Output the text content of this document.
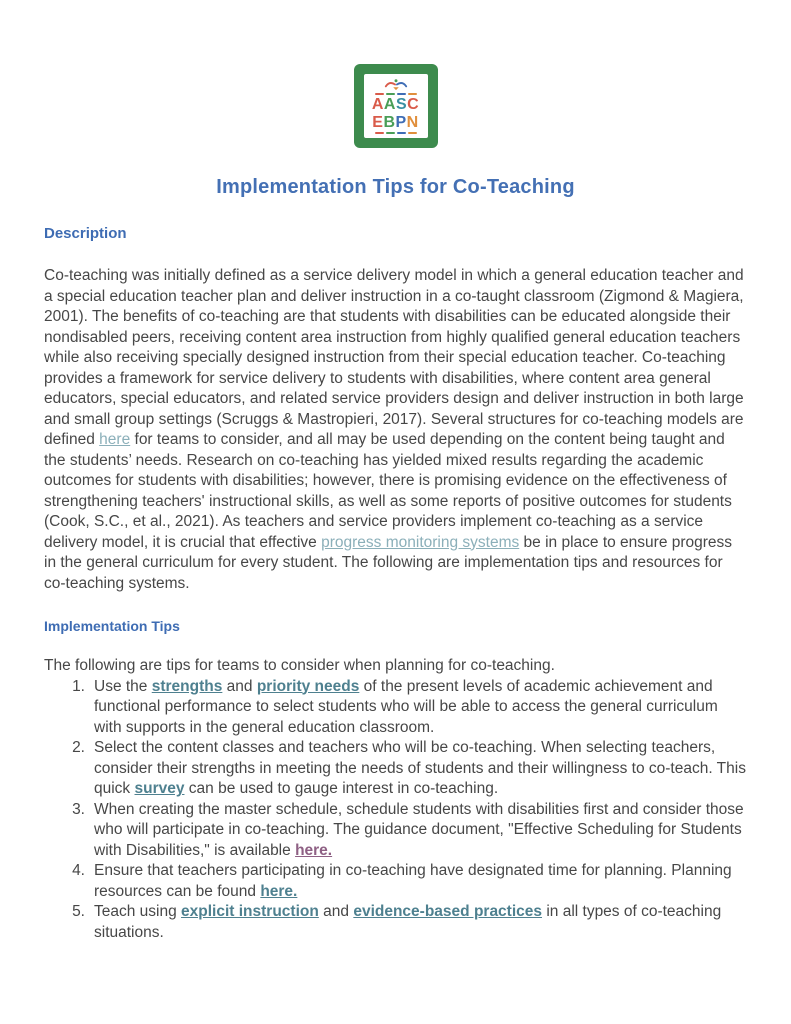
AASC
EBPN
Implementation Tips for Co-Teaching
Description

Co-teaching was initially defined as a service delivery model in which a general education teacher and a special education teacher plan and deliver instruction in a co-taught classroom (Zigmond & Magiera, 2001). The benefits of co-teaching are that students with disabilities can be educated alongside their nondisabled peers, receiving content area instruction from highly qualified general education teachers while also receiving specially designed instruction from their special education teacher. Co-teaching provides a framework for service delivery to students with disabilities, where content area general educators, special educators, and related service providers design and deliver instruction in both large and small group settings (Scruggs & Mastropieri, 2017). Several structures for co-teaching models are defined here for teams to consider, and all may be used depending on the content being taught and the students’ needs. Research on co-teaching has yielded mixed results regarding the academic outcomes for students with disabilities; however, there is promising evidence on the effectiveness of strengthening teachers' instructional skills, as well as some reports of positive outcomes for students (Cook, S.C., et al., 2021). As teachers and service providers implement co-teaching as a service delivery model, it is crucial that effective progress monitoring systems be in place to ensure progress in the general curriculum for every student. The following are implementation tips and resources for co-teaching systems.

Implementation Tips

The following are tips for teams to consider when planning for co-teaching.

1. Use the strengths and priority needs of the present levels of academic achievement and functional performance to select students who will be able to access the general curriculum with supports in the general education classroom.
2. Select the content classes and teachers who will be co-teaching. When selecting teachers, consider their strengths in meeting the needs of students and their willingness to co-teach. This quick survey can be used to gauge interest in co-teaching.
3. When creating the master schedule, schedule students with disabilities first and consider those who will participate in co-teaching. The guidance document, "Effective Scheduling for Students with Disabilities," is available here.
4. Ensure that teachers participating in co-teaching have designated time for planning. Planning resources can be found here.
5. Teach using explicit instruction and evidence-based practices in all types of co-teaching situations.
